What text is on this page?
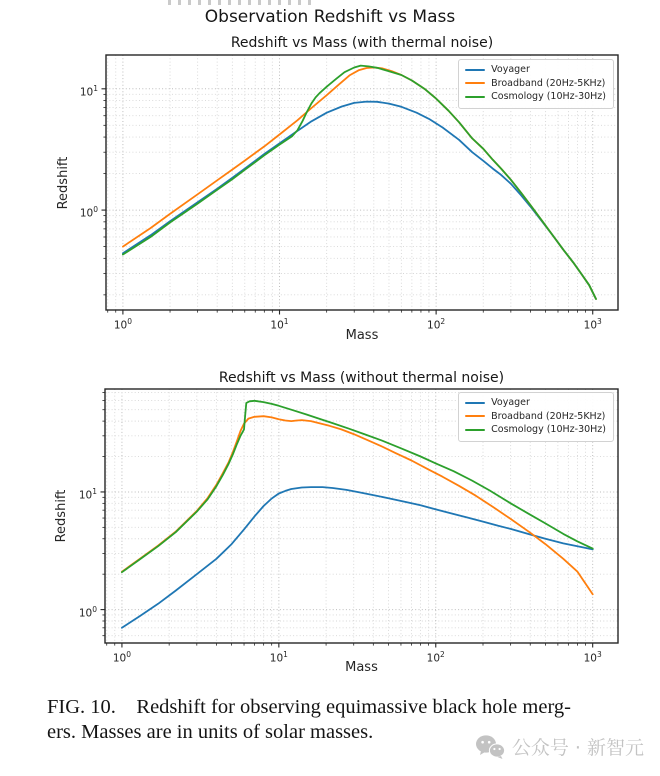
Observation Redshift vs Mass
Redshift vs Mass (with thermal noise)
Mass
Redshift
$10^0$	$10^1$	$10^2$	$10^3$
$10^0$
$10^1$
Voyager
Broadband (20Hz-5KHz)
Cosmology (10Hz-30Hz)
Redshift vs Mass (without thermal noise)
Mass
Redshift
$10^0$	$10^1$	$10^2$	$10^3$
$10^0$
$10^1$
Voyager
Broadband (20Hz-5KHz)
Cosmology (10Hz-30Hz)
FIG. 10.    Redshift for observing equimassive black hole merg-
ers. Masses are in units of solar masses.
公众号 · 新智元
